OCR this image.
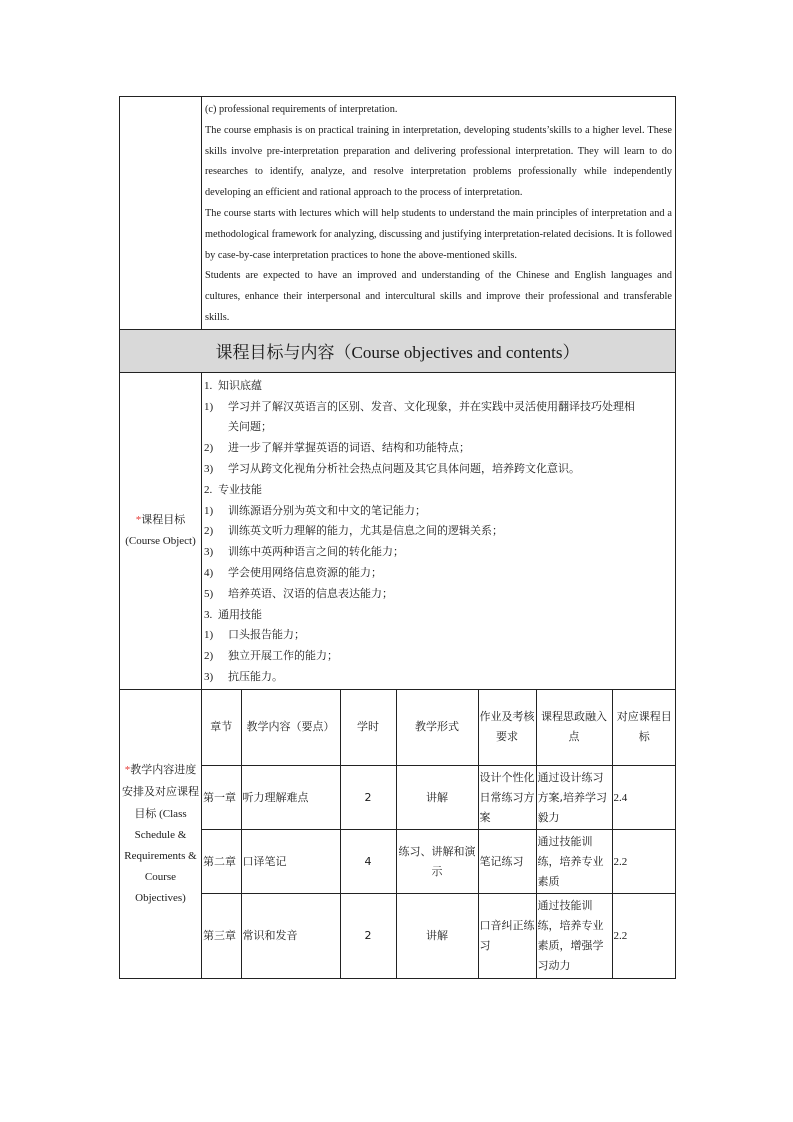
(c) professional requirements of interpretation.

The course emphasis is on practical training in interpretation, developing students’skills to a higher level. These skills involve pre-interpretation preparation and delivering professional interpretation. They will learn to do researches to identify, analyze, and resolve interpretation problems professionally while independently developing an efficient and rational approach to the process of interpretation.

The course starts with lectures which will help students to understand the main principles of interpretation and a methodological framework for analyzing, discussing and justifying interpretation-related decisions. It is followed by case-by-case interpretation practices to hone the above-mentioned skills.

Students are expected to have an improved and understanding of the Chinese and English languages and cultures, enhance their interpersonal and intercultural skills and improve their professional and transferable skills.

课程目标与内容（Course objectives and contents）

*课程目标
(Course Object)

1. 知识底蕴
1)	学习并了解汉英语言的区别、发音、文化现象，并在实践中灵活使用翻译技巧处理相
关问题；
2)	进一步了解并掌握英语的词语、结构和功能特点；
3)	学习从跨文化视角分析社会热点问题及其它具体问题，培养跨文化意识。
2. 专业技能
1)	训练源语分别为英文和中文的笔记能力；
2)	训练英文听力理解的能力，尤其是信息之间的逻辑关系；
3)	训练中英两种语言之间的转化能力；
4)	学会使用网络信息资源的能力；
5)	培养英语、汉语的信息表达能力；
3. 通用技能
1)	口头报告能力；
2)	独立开展工作的能力；
3)	抗压能力。

*教学内容进度安排及对应课程目标 (Class Schedule & Requirements & Course Objectives)

章节	教学内容（要点）	学时	教学形式	作业及考核要求	课程思政融入点	对应课程目标
第一章	听力理解难点	2	讲解	设计个性化日常练习方案	通过设计练习方案,培养学习毅力	2.4
第二章	口译笔记	4	练习、讲解和演示	笔记练习	通过技能训练，培养专业素质	2.2
第三章	常识和发音	2	讲解	口音纠正练习	通过技能训练，培养专业素质，增强学习动力	2.2
